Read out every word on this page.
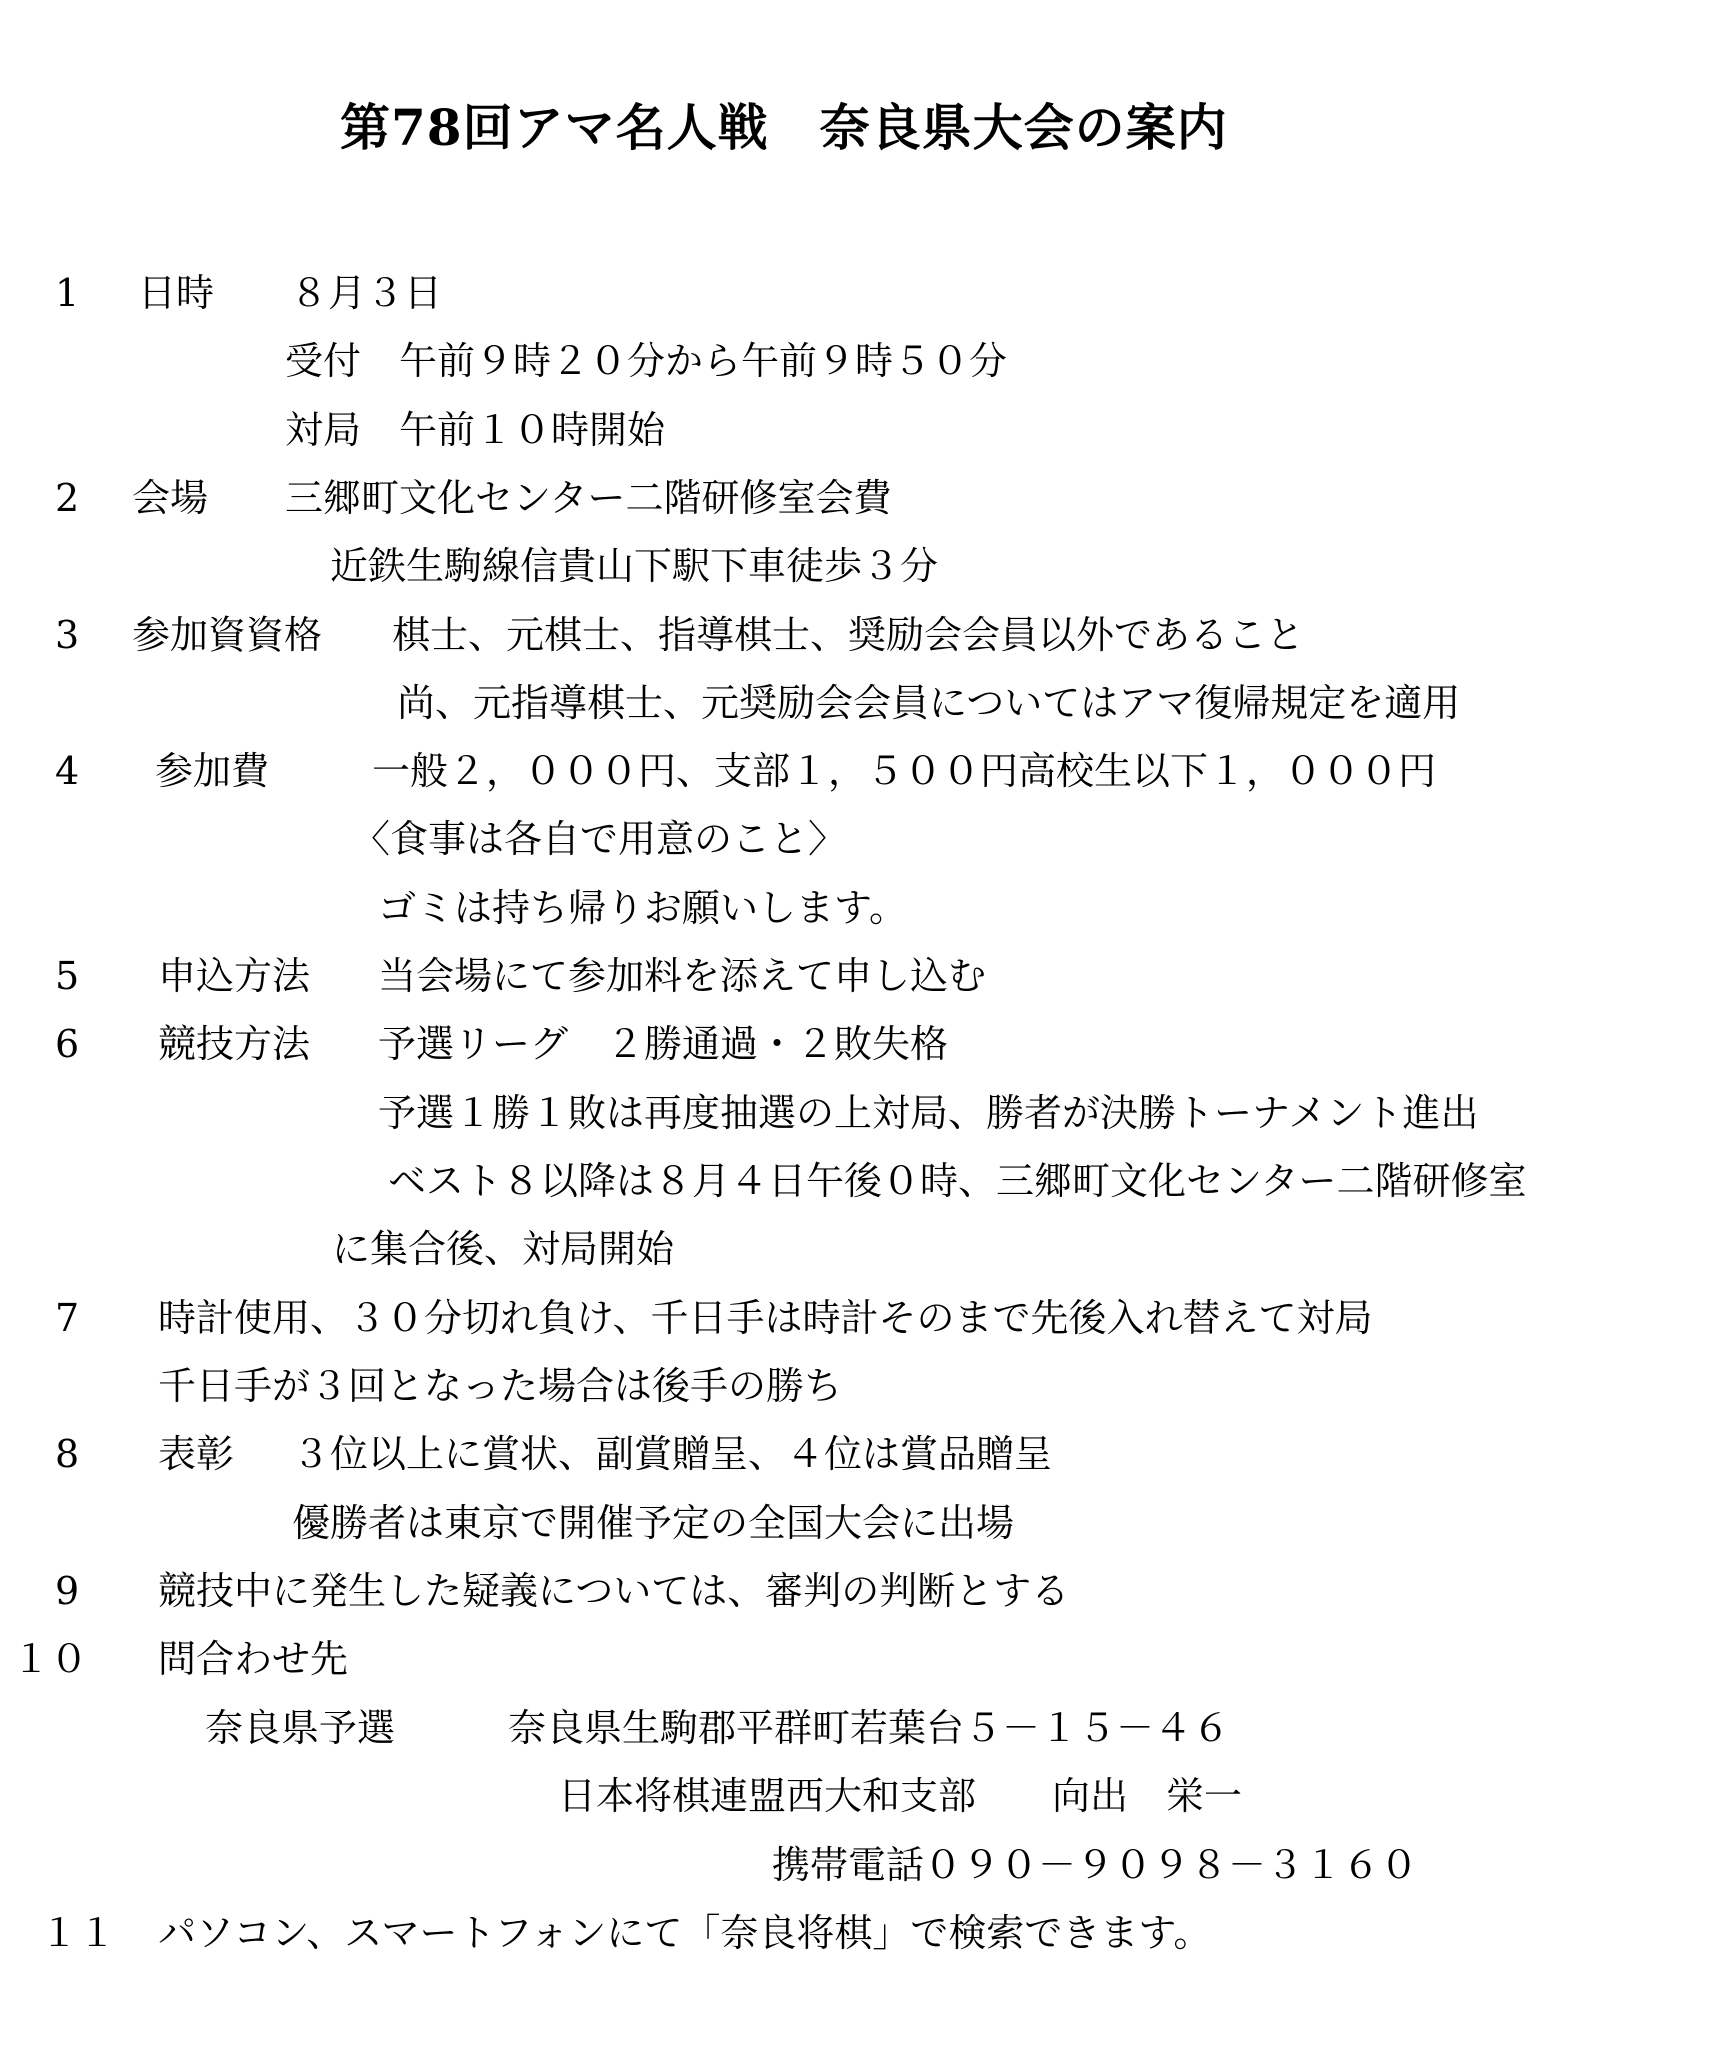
第78回アマ名人戦　奈良県大会の案内
1 日時 ８月３日
受付　午前９時２０分から午前９時５０分
対局　午前１０時開始
2 会場 三郷町文化センター二階研修室会費
近鉄生駒線信貴山下駅下車徒歩３分
3 参加資資格 棋士、元棋士、指導棋士、奨励会会員以外であること
尚、元指導棋士、元奨励会会員についてはアマ復帰規定を適用
4 参加費	一般２，０００円、支部１，５００円高校生以下１，０００円
〈食事は各自で用意のこと〉
ゴミは持ち帰りお願いします。
5 申込方法 当会場にて参加料を添えて申し込む
6 競技方法 予選リーグ　２勝通過・２敗失格
予選１勝１敗は再度抽選の上対局、勝者が決勝トーナメント進出
ベスト８以降は８月４日午後０時、三郷町文化センター二階研修室
に集合後、対局開始
7 時計使用、３０分切れ負け、千日手は時計そのまで先後入れ替えて対局
千日手が３回となった場合は後手の勝ち
8 表彰 ３位以上に賞状、副賞贈呈、４位は賞品贈呈
優勝者は東京で開催予定の全国大会に出場
9 競技中に発生した疑義については、審判の判断とする
１０ 問合わせ先
奈良県予選	奈良県生駒郡平群町若葉台５－１５－４６
日本将棋連盟西大和支部　　向出　栄一
携帯電話０９０－９０９８－３１６０
１１ パソコン、スマートフォンにて「奈良将棋」で検索できます。
